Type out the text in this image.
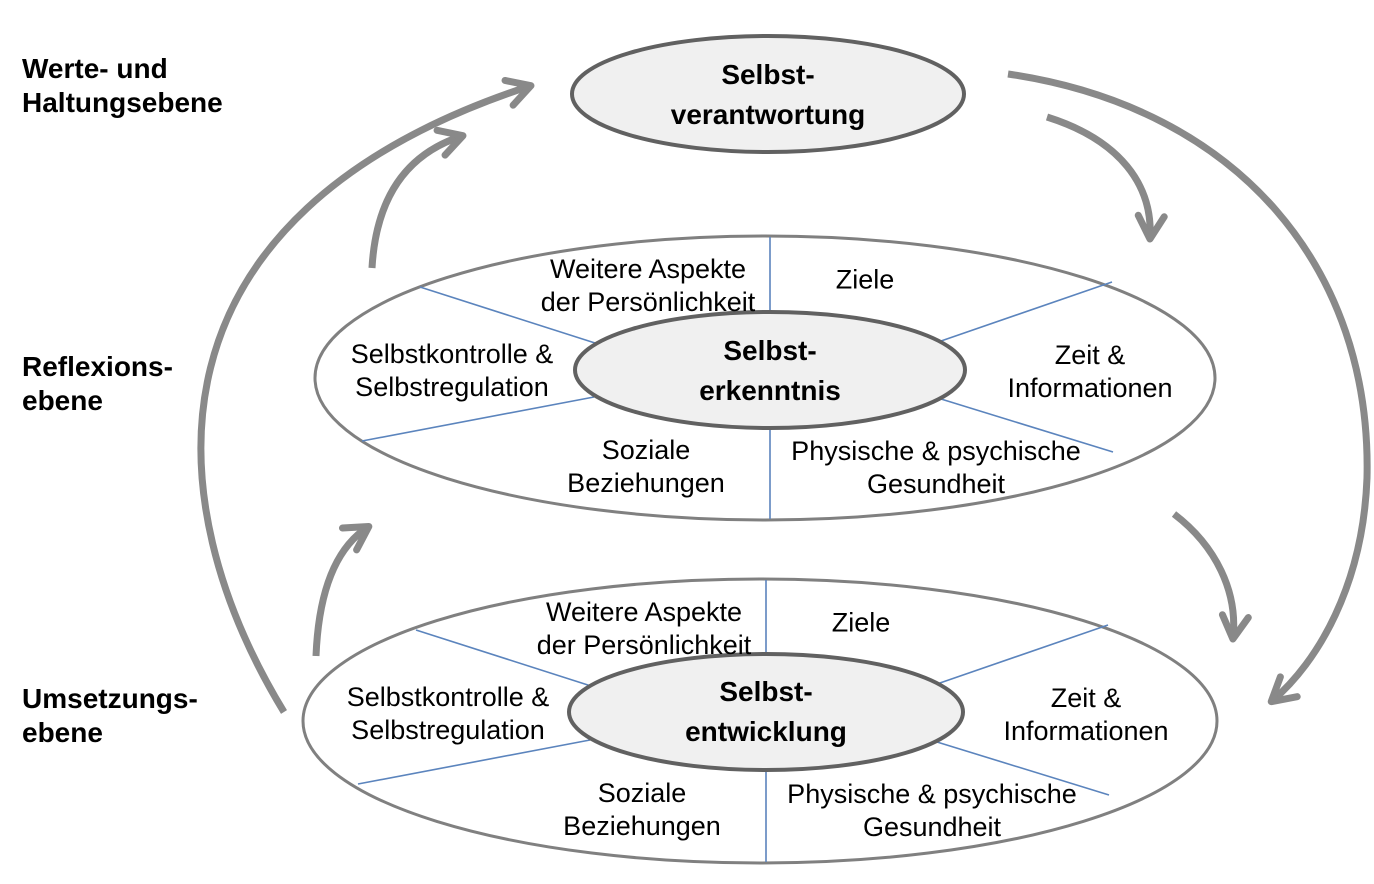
Werte- und
Haltungsebene
Reflexions-
ebene
Umsetzungs-
ebene
Selbst-
verantwortung
Selbst-
erkenntnis
Weitere Aspekte
der Persönlichkeit
Ziele
Selbstkontrolle &
Selbstregulation
Zeit &
Informationen
Soziale
Beziehungen
Physische & psychische
Gesundheit
Selbst-
entwicklung
Weitere Aspekte
der Persönlichkeit
Ziele
Selbstkontrolle &
Selbstregulation
Zeit &
Informationen
Soziale
Beziehungen
Physische & psychische
Gesundheit
